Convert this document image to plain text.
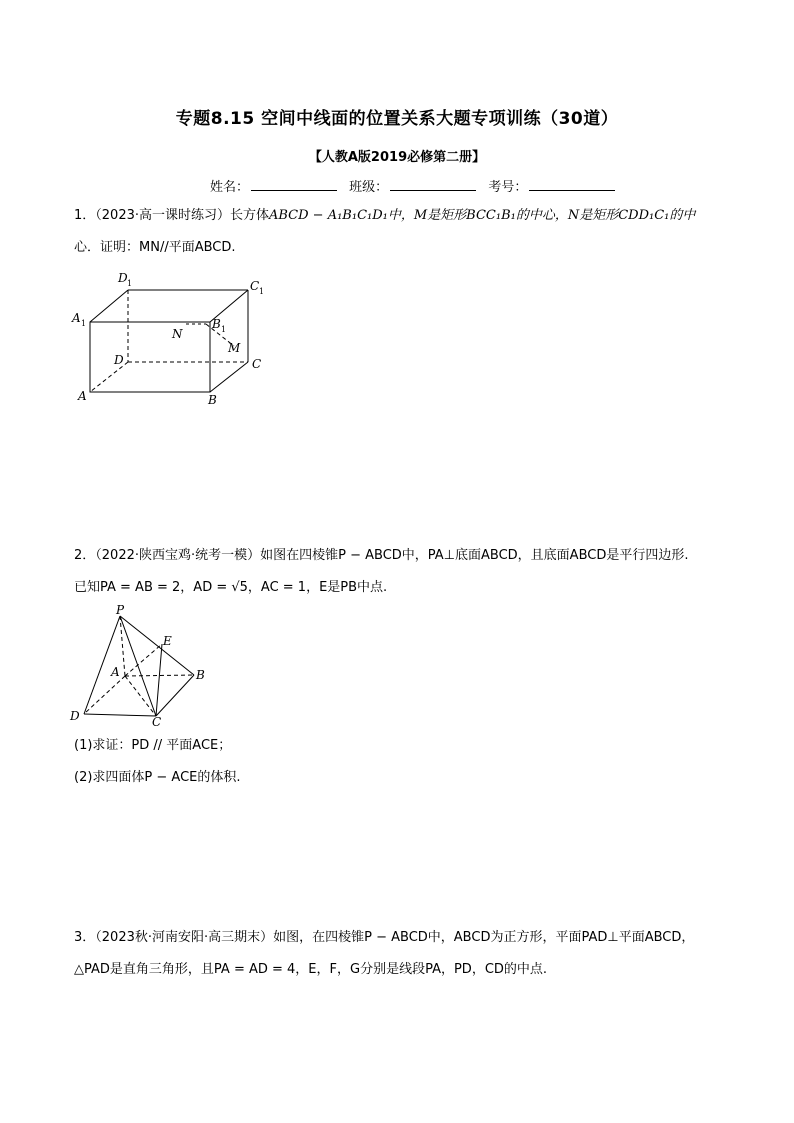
专题8.15 空间中线面的位置关系大题专项训练（30道）
【人教A版2019必修第二册】
姓名：	班级：	考号：
1．（2023·高一课时练习）长方体ABCD − A₁B₁C₁D₁中，M是矩形BCC₁B₁的中心，N是矩形CDD₁C₁的中
心．证明：MN//平面ABCD.
D 1	C 1
A 1	B 1
N
M
D	C
A	B
2．（2022·陕西宝鸡·统考一模）如图在四棱锥P − ABCD中，PA⊥底面ABCD，且底面ABCD是平行四边形.
已知PA = AB = 2，AD = √5，AC = 1，E是PB中点.
P
E
A	B
D	C
(1)求证：PD // 平面ACE；
(2)求四面体P − ACE的体积.
3．（2023秋·河南安阳·高三期末）如图，在四棱锥P − ABCD中，ABCD为正方形，平面PAD⊥平面ABCD，
△PAD是直角三角形，且PA = AD = 4，E，F，G分别是线段PA，PD，CD的中点.
